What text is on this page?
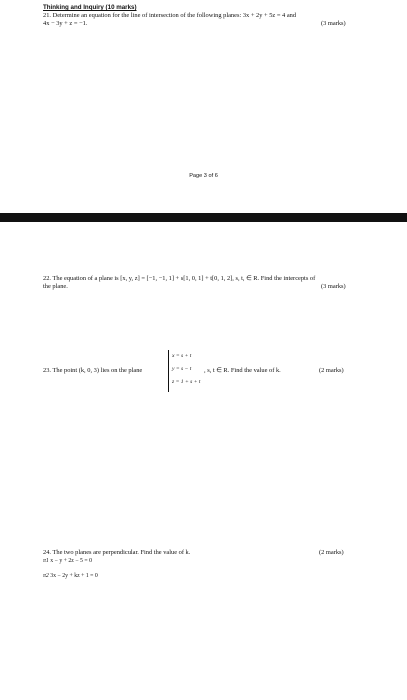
Thinking and Inquiry (10 marks)
21. Determine an equation for the line of intersection of the following planes: 3x + 2y + 5z = 4 and
4x − 3y + z = −1.	(3 marks)
Page 3 of 6
22. The equation of a plane is [x, y, z] = [−1, −1, 1] + s[1, 0, 1] + t[0, 1, 2], s, t, ∈ R. Find the intercepts of
the plane.	(3 marks)
23. The point (k, 0, 3) lies on the plane
x = s + t
y = s − t
z = 1 + s + t
, s, t ∈ R. Find the value of k.	(2 marks)
24. The two planes are perpendicular. Find the value of k.	(2 marks)
π1 x − y + 2z − 5 = 0
π2 3x − 2y + kz + 1 = 0
